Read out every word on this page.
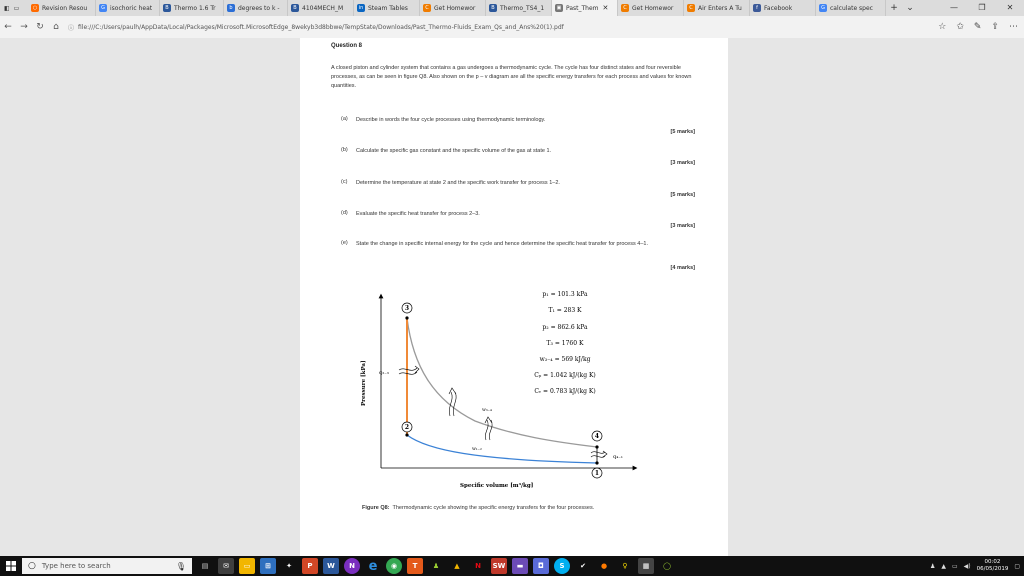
◧ ▭	○ Revision Resou	G isochoric heat	B Thermo 1.6 Tr	b degrees to k -	B 4104MECH_M	in Steam Tables	C Get Homewor	B Thermo_TS4_1	▣ Past_Them ✕	C Get Homewor	C Air Enters A Tu	f	Facebook	G calculate spec	+ ⌄	—	❐	✕
← → ↻	⌂	ⓘ file:///C:/Users/paulh/AppData/Local/Packages/Microsoft.MicrosoftEdge_8wekyb3d8bbwe/TempState/Downloads/Past_Thermo-Fluids_Exam_Qs_and_Ans%20(1).pdf	☆ ✩ ✎ ⇪ ⋯
Question 8
A closed piston and cylinder system that contains a gas undergoes a thermodynamic cycle. The cycle has four distinct states and four reversible processes, as can be seen in figure Q8. Also shown on the p – v diagram are all the specific energy transfers for each process and values for known quantities.
(a) Describe in words the four cycle processes using thermodynamic terminology.
[5 marks]
(b) Calculate the specific gas constant and the specific volume of the gas at state 1.
[3 marks]
(c) Determine the temperature at state 2 and the specific work transfer for process 1–2.
[5 marks]
(d) Evaluate the specific heat transfer for process 2–3.
[3 marks]
(e) State the change in specific internal energy for the cycle and hence determine the specific heat transfer for process 4–1.
[4 marks]
Pressure [kPa]
Specific volume [m³/kg]
3
2
4
1
q₂₋₃
w₃₋₄
w₁₋₂
q₄₋₁
p₁ = 101.3 kPa
T₁ = 283 K
p₂ = 862.6 kPa
T₃ = 1760 K
w₃₋₄ = 569 kJ/kg
Cₚ = 1.042 kJ/(kg K)
Cᵥ = 0.783 kJ/(kg K)
Figure Q8: Thermodynamic cycle showing the specific energy transfers for the four processes.
○ Type here to search	🎙	▤	✉	▭	⊞	✦	P	W	N	e	◉	T	♟	▲	N	SW	▬	◘	S	✔	●	♀	▦	◯	♟ ▲ ▭ ◀)
00:02
06/05/2019 ▢
